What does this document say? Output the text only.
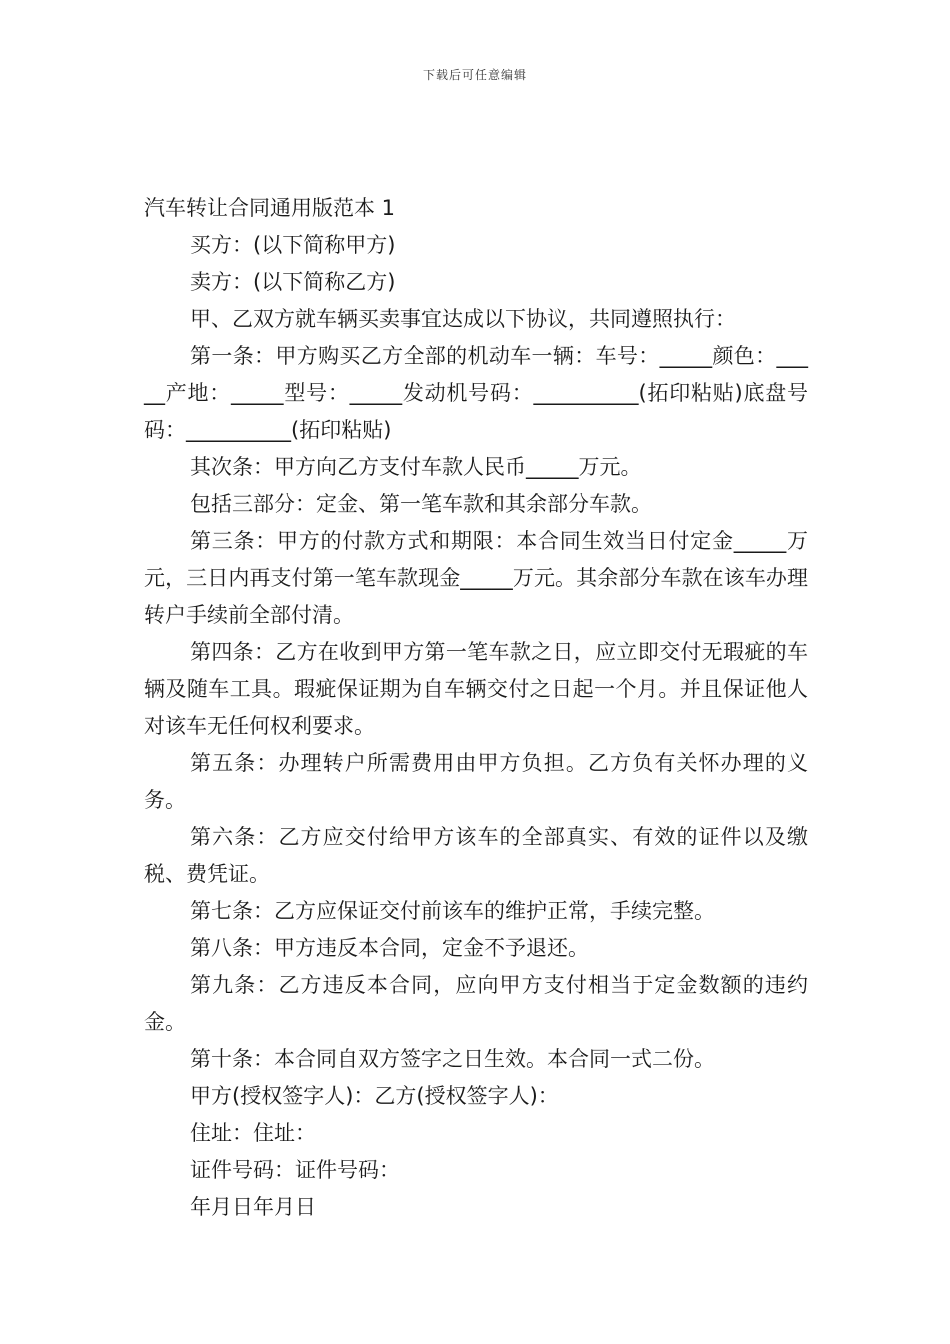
下载后可任意编辑

汽车转让合同通用版范本 1

买方：(以下简称甲方)

卖方：(以下简称乙方)

甲、乙双方就车辆买卖事宜达成以下协议，共同遵照执行：

第一条：甲方购买乙方全部的机动车一辆：车号：_____颜色：_____产地：_____型号：_____发动机号码：__________(拓印粘贴)底盘号码：__________(拓印粘贴)

其次条：甲方向乙方支付车款人民币_____万元。

包括三部分：定金、第一笔车款和其余部分车款。

第三条：甲方的付款方式和期限：本合同生效当日付定金_____万元，三日内再支付第一笔车款现金_____万元。其余部分车款在该车办理转户手续前全部付清。

第四条：乙方在收到甲方第一笔车款之日，应立即交付无瑕疵的车辆及随车工具。瑕疵保证期为自车辆交付之日起一个月。并且保证他人对该车无任何权利要求。

第五条：办理转户所需费用由甲方负担。乙方负有关怀办理的义务。

第六条：乙方应交付给甲方该车的全部真实、有效的证件以及缴税、费凭证。

第七条：乙方应保证交付前该车的维护正常，手续完整。

第八条：甲方违反本合同，定金不予退还。

第九条：乙方违反本合同，应向甲方支付相当于定金数额的违约金。

第十条：本合同自双方签字之日生效。本合同一式二份。

甲方(授权签字人)：乙方(授权签字人)：

住址：住址：

证件号码：证件号码：

年月日年月日
